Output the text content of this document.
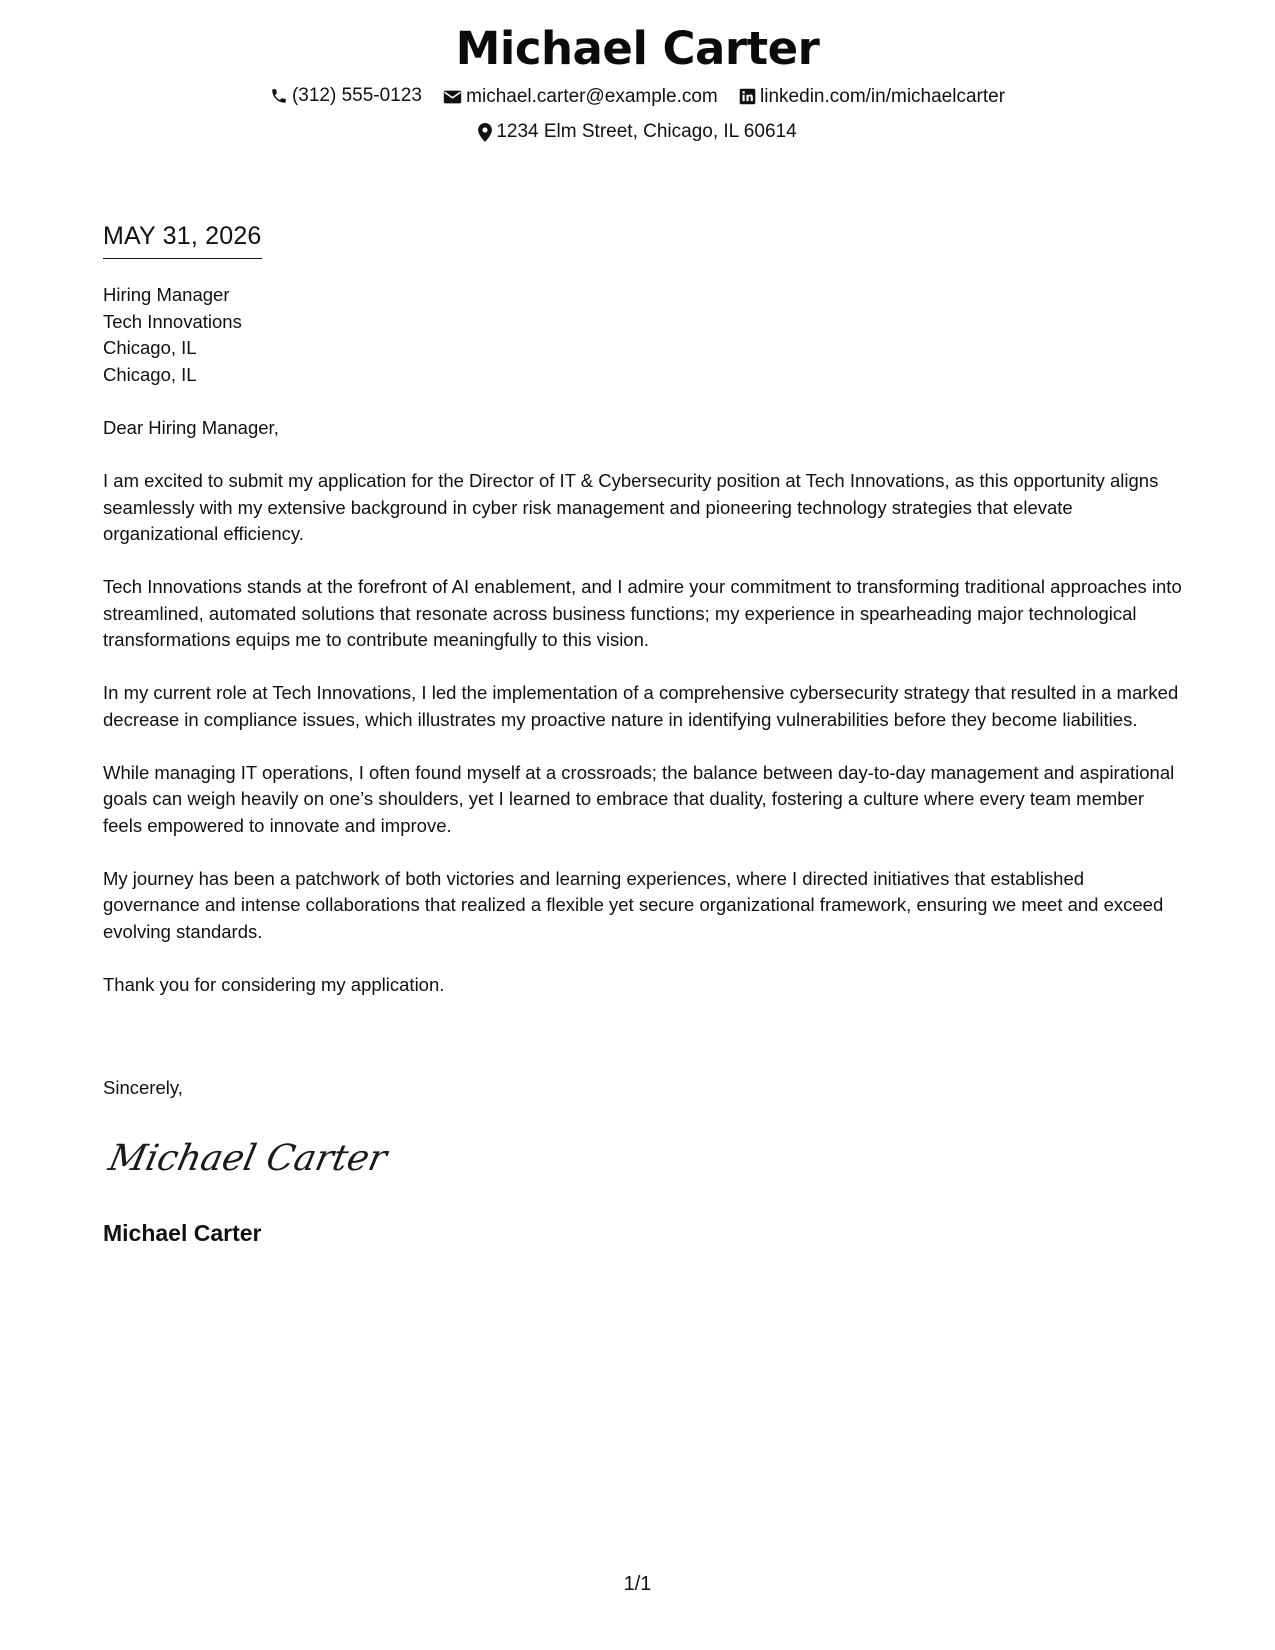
Michael Carter
(312) 555-0123
michael.carter@example.com
linkedin.com/in/michaelcarter
1234 Elm Street, Chicago, IL 60614
MAY 31, 2026
Hiring Manager
Tech Innovations
Chicago, IL
Chicago, IL

Dear Hiring Manager,

I am excited to submit my application for the Director of IT & Cybersecurity position at Tech Innovations, as this opportunity aligns seamlessly with my extensive background in cyber risk management and pioneering technology strategies that elevate organizational efficiency.

Tech Innovations stands at the forefront of AI enablement, and I admire your commitment to transforming traditional approaches into streamlined, automated solutions that resonate across business functions; my experience in spearheading major technological transformations equips me to contribute meaningfully to this vision.

In my current role at Tech Innovations, I led the implementation of a comprehensive cybersecurity strategy that resulted in a marked decrease in compliance issues, which illustrates my proactive nature in identifying vulnerabilities before they become liabilities.

While managing IT operations, I often found myself at a crossroads; the balance between day-to-day management and aspirational goals can weigh heavily on one’s shoulders, yet I learned to embrace that duality, fostering a culture where every team member feels empowered to innovate and improve.

My journey has been a patchwork of both victories and learning experiences, where I directed initiatives that established governance and intense collaborations that realized a flexible yet secure organizational framework, ensuring we meet and exceed evolving standards.

Thank you for considering my application.

Sincerely,
Michael Carter
Michael Carter
1/1
